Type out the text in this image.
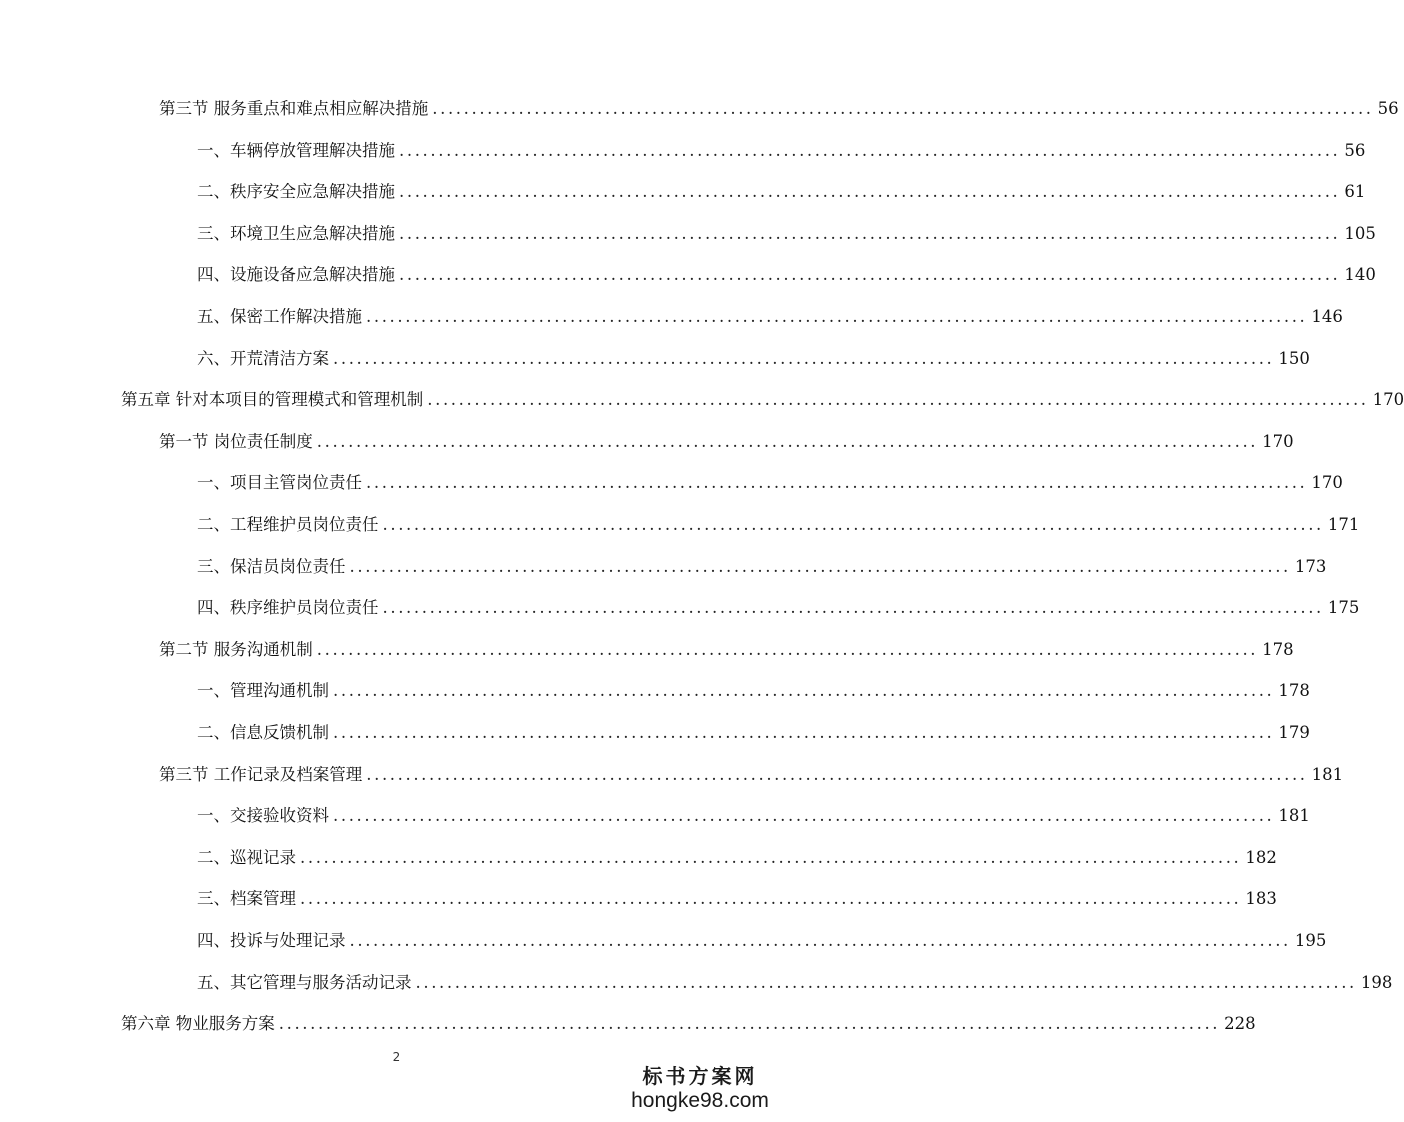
第三节 服务重点和难点相应解决措施 ........................................................................................................................ 56
一、车辆停放管理解决措施 ........................................................................................................................ 56
二、秩序安全应急解决措施 ........................................................................................................................ 61
三、环境卫生应急解决措施 ........................................................................................................................ 105
四、设施设备应急解决措施 ........................................................................................................................ 140
五、保密工作解决措施 ........................................................................................................................ 146
六、开荒清洁方案 ........................................................................................................................ 150
第五章 针对本项目的管理模式和管理机制 ........................................................................................................................ 170
第一节 岗位责任制度 ........................................................................................................................ 170
一、项目主管岗位责任 ........................................................................................................................ 170
二、工程维护员岗位责任 ........................................................................................................................ 171
三、保洁员岗位责任 ........................................................................................................................ 173
四、秩序维护员岗位责任 ........................................................................................................................ 175
第二节 服务沟通机制 ........................................................................................................................ 178
一、管理沟通机制 ........................................................................................................................ 178
二、信息反馈机制 ........................................................................................................................ 179
第三节 工作记录及档案管理 ........................................................................................................................ 181
一、交接验收资料 ........................................................................................................................ 181
二、巡视记录 ........................................................................................................................ 182
三、档案管理 ........................................................................................................................ 183
四、投诉与处理记录 ........................................................................................................................ 195
五、其它管理与服务活动记录 ........................................................................................................................ 198
第六章 物业服务方案 ........................................................................................................................ 228
2
标书方案网
hongke98.com
